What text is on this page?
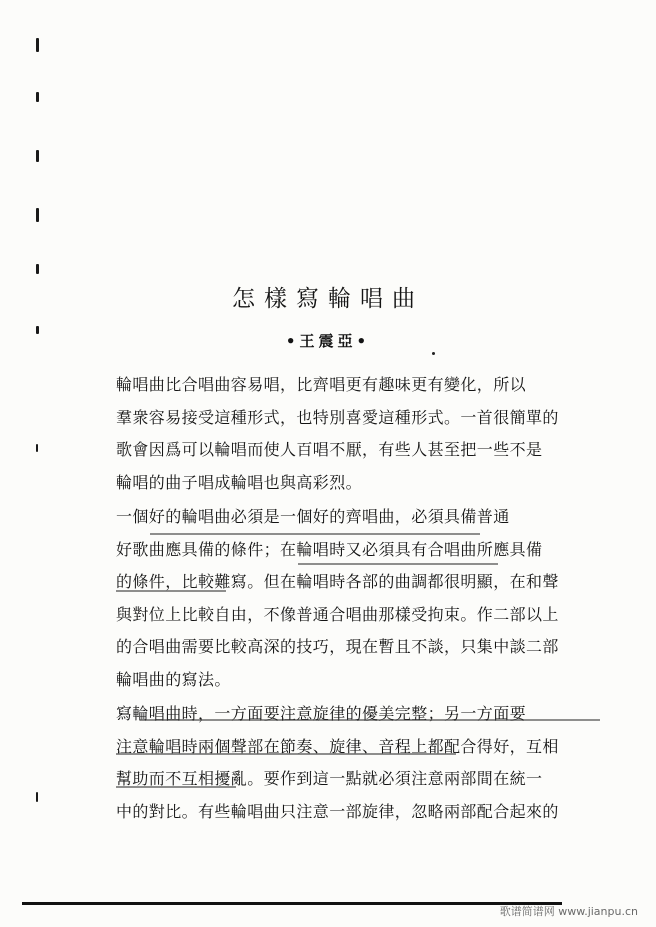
怎樣寫輪唱曲
•王震亞•

輪唱曲比合唱曲容易唱，比齊唱更有趣味更有變化，所以
羣衆容易接受這種形式，也特別喜愛這種形式。一首很簡單的
歌會因爲可以輪唱而使人百唱不厭，有些人甚至把一些不是
輪唱的曲子唱成輪唱也與高彩烈。

一個好的輪唱曲必須是一個好的齊唱曲，必須具備普通
好歌曲應具備的條件；在輪唱時又必須具有合唱曲所應具備
的條件，比較難寫。但在輪唱時各部的曲調都很明顯，在和聲
與對位上比較自由，不像普通合唱曲那樣受拘束。作二部以上
的合唱曲需要比較高深的技巧，現在暫且不談，只集中談二部
輪唱曲的寫法。

寫輪唱曲時，一方面要注意旋律的優美完整；另一方面要
注意輪唱時兩個聲部在節奏、旋律、音程上都配合得好，互相
幫助而不互相擾亂。要作到這一點就必須注意兩部間在統一
中的對比。有些輪唱曲只注意一部旋律，忽略兩部配合起來的

歌谱简谱网 www.jianpu.cn
